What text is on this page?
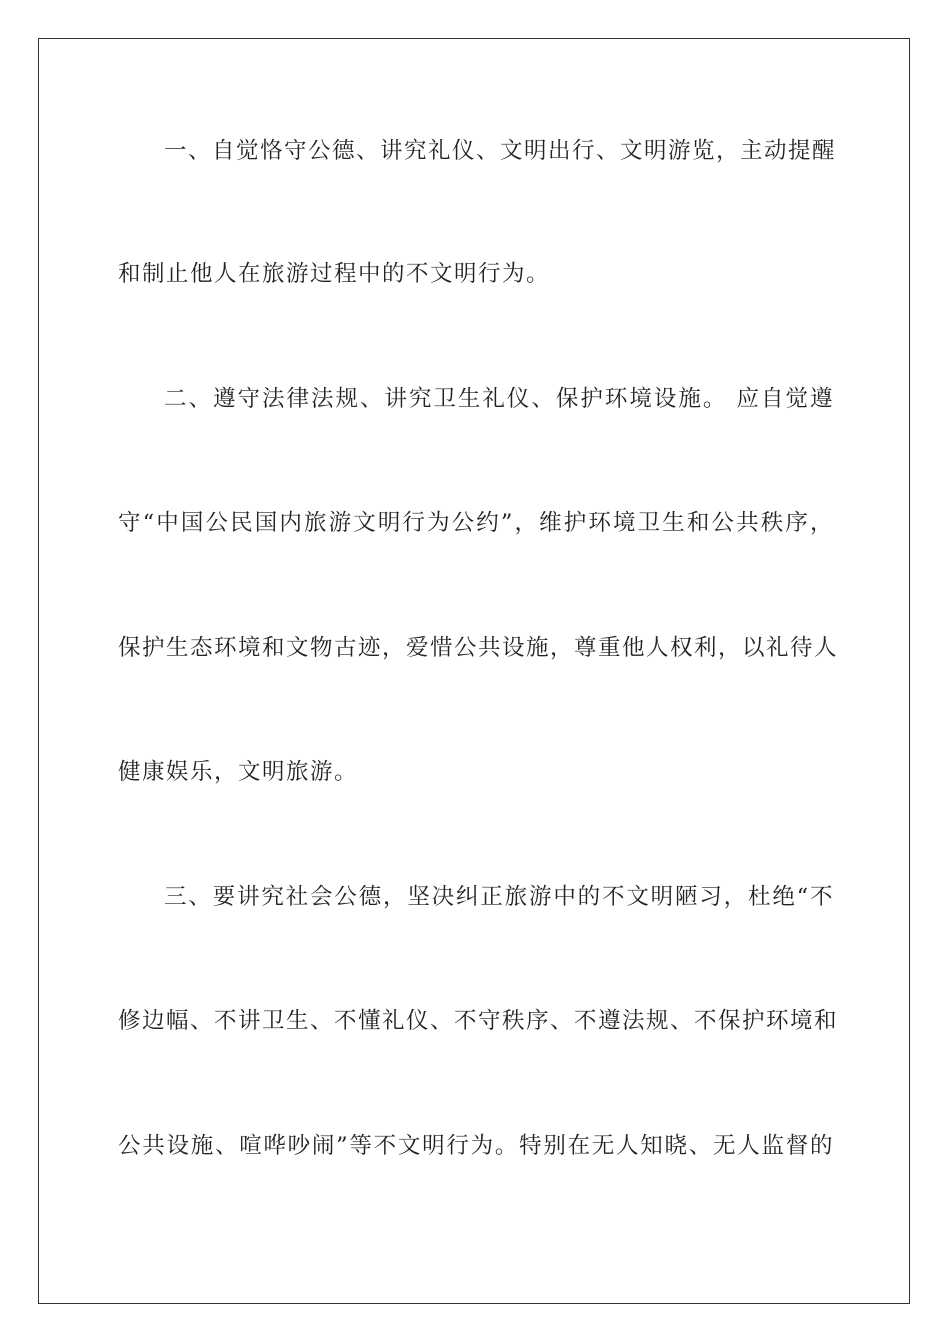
一、自觉恪守公德、讲究礼仪、文明出行、文明游览，主动提醒
和制止他人在旅游过程中的不文明行为。
二、遵守法律法规、讲究卫生礼仪、保护环境设施。 应自觉遵
守“中国公民国内旅游文明行为公约”，维护环境卫生和公共秩序，
保护生态环境和文物古迹，爱惜公共设施，尊重他人权利，以礼待人
健康娱乐，文明旅游。
三、要讲究社会公德，坚决纠正旅游中的不文明陋习，杜绝“不
修边幅、不讲卫生、不懂礼仪、不守秩序、不遵法规、不保护环境和
公共设施、喧哗吵闹”等不文明行为。特别在无人知晓、无人监督的
